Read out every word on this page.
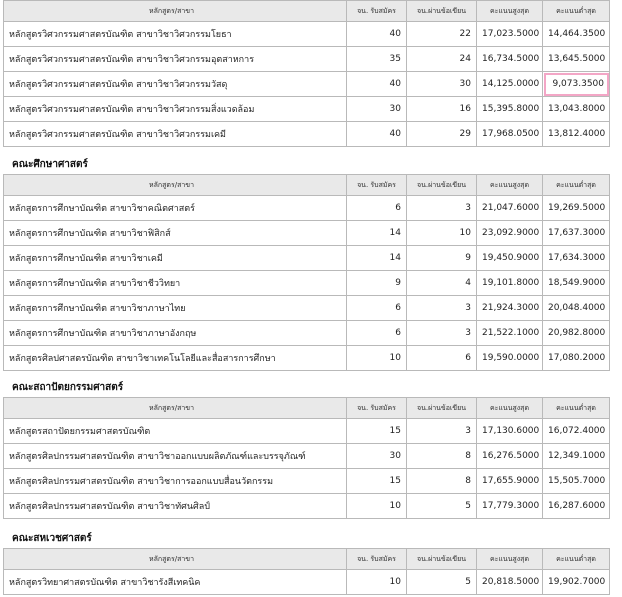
หลักสูตร/สาขา	จน. รับสมัคร	จน.ผ่านข้อเขียน	คะแนนสูงสุด	คะแนนต่ำสุด
หลักสูตรวิศวกรรมศาสตรบัณฑิต สาขาวิชาวิศวกรรมโยธา	40	22	17,023.5000	14,464.3500
หลักสูตรวิศวกรรมศาสตรบัณฑิต สาขาวิชาวิศวกรรมอุตสาหการ	35	24	16,734.5000	13,645.5000
หลักสูตรวิศวกรรมศาสตรบัณฑิต สาขาวิชาวิศวกรรมวัสดุ	40	30	14,125.0000	9,073.3500
หลักสูตรวิศวกรรมศาสตรบัณฑิต สาขาวิชาวิศวกรรมสิ่งแวดล้อม	30	16	15,395.8000	13,043.8000
หลักสูตรวิศวกรรมศาสตรบัณฑิต สาขาวิชาวิศวกรรมเคมี	40	29	17,968.0500	13,812.4000
คณะศึกษาศาสตร์
หลักสูตร/สาขา	จน. รับสมัคร	จน.ผ่านข้อเขียน	คะแนนสูงสุด	คะแนนต่ำสุด
หลักสูตรการศึกษาบัณฑิต สาขาวิชาคณิตศาสตร์	6	3	21,047.6000	19,269.5000
หลักสูตรการศึกษาบัณฑิต สาขาวิชาฟิสิกส์	14	10	23,092.9000	17,637.3000
หลักสูตรการศึกษาบัณฑิต สาขาวิชาเคมี	14	9	19,450.9000	17,634.3000
หลักสูตรการศึกษาบัณฑิต สาขาวิชาชีววิทยา	9	4	19,101.8000	18,549.9000
หลักสูตรการศึกษาบัณฑิต สาขาวิชาภาษาไทย	6	3	21,924.3000	20,048.4000
หลักสูตรการศึกษาบัณฑิต สาขาวิชาภาษาอังกฤษ	6	3	21,522.1000	20,982.8000
หลักสูตรศิลปศาสตรบัณฑิต สาขาวิชาเทคโนโลยีและสื่อสารการศึกษา	10	6	19,590.0000	17,080.2000
คณะสถาปัตยกรรมศาสตร์
หลักสูตร/สาขา	จน. รับสมัคร	จน.ผ่านข้อเขียน	คะแนนสูงสุด	คะแนนต่ำสุด
หลักสูตรสถาปัตยกรรมศาสตรบัณฑิต	15	3	17,130.6000	16,072.4000
หลักสูตรศิลปกรรมศาสตรบัณฑิต สาขาวิชาออกแบบผลิตภัณฑ์และบรรจุภัณฑ์	30	8	16,276.5000	12,349.1000
หลักสูตรศิลปกรรมศาสตรบัณฑิต สาขาวิชาการออกแบบสื่อนวัตกรรม	15	8	17,655.9000	15,505.7000
หลักสูตรศิลปกรรมศาสตรบัณฑิต สาขาวิชาทัศนศิลป์	10	5	17,779.3000	16,287.6000
คณะสหเวชศาสตร์
หลักสูตร/สาขา	จน. รับสมัคร	จน.ผ่านข้อเขียน	คะแนนสูงสุด	คะแนนต่ำสุด
หลักสูตรวิทยาศาสตรบัณฑิต สาขาวิชารังสีเทคนิค	10	5	20,818.5000	19,902.7000
